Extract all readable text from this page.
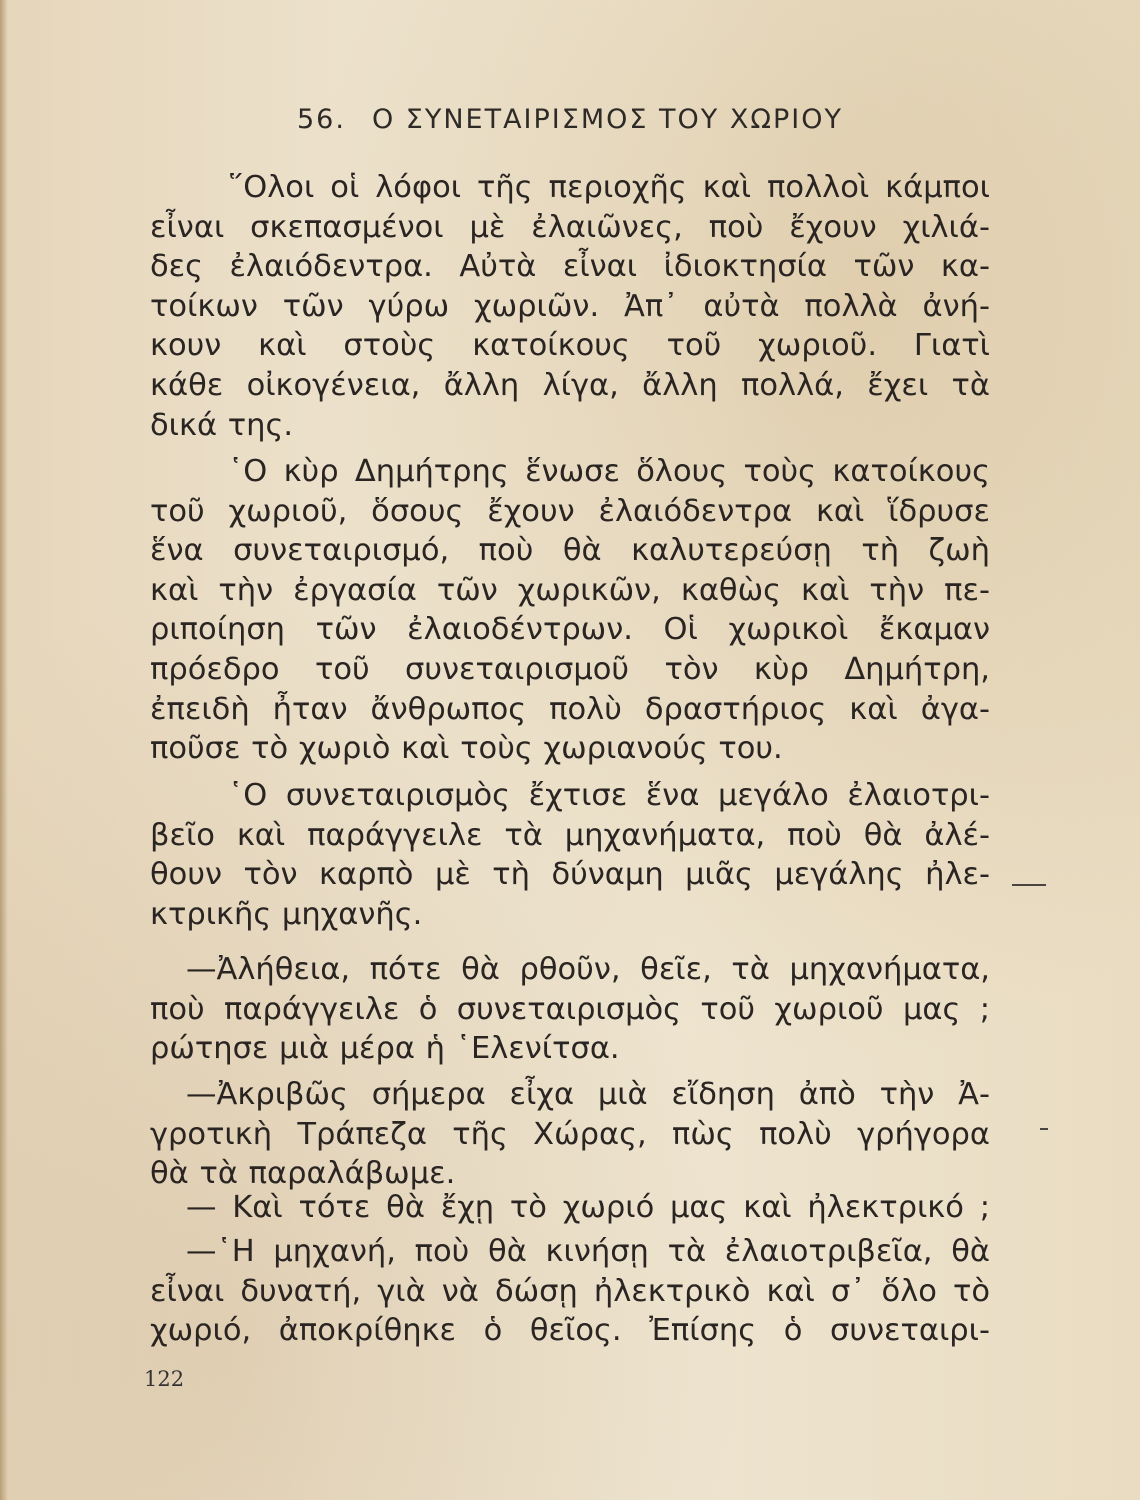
56. Ο ΣΥΝΕΤΑΙΡΙΣΜΟΣ ΤΟΥ ΧΩΡΙΟΥ
῞Ολοι οἱ λόφοι τῆς περιοχῆς καὶ πολλοὶ κάμποι
εἶναι σκεπασμένοι μὲ ἐλαιῶνες, ποὺ ἔχουν χιλιά-
δες ἐλαιόδεντρα. Αὐτὰ εἶναι ἰδιοκτησία τῶν κα-
τοίκων τῶν γύρω χωριῶν. Ἀπ᾽ αὐτὰ πολλὰ ἀνή-
κουν καὶ στοὺς κατοίκους τοῦ χωριοῦ. Γιατὶ
κάθε οἰκογένεια, ἄλλη λίγα, ἄλλη πολλά, ἔχει τὰ
δικά της.
῾Ο κὺρ Δημήτρης ἕνωσε ὅλους τοὺς κατοίκους
τοῦ χωριοῦ, ὅσους ἔχουν ἐλαιόδεντρα καὶ ἵδρυσε
ἕνα συνεταιρισμό, ποὺ θὰ καλυτερεύσῃ τὴ ζωὴ
καὶ τὴν ἐργασία τῶν χωρικῶν, καθὼς καὶ τὴν πε-
ριποίηση τῶν ἐλαιοδέντρων. Οἱ χωρικοὶ ἔκαμαν
πρόεδρο τοῦ συνεταιρισμοῦ τὸν κὺρ Δημήτρη,
ἐπειδὴ ἦταν ἄνθρωπος πολὺ δραστήριος καὶ ἀγα-
ποῦσε τὸ χωριὸ καὶ τοὺς χωριανούς του.
῾Ο συνεταιρισμὸς ἔχτισε ἕνα μεγάλο ἐλαιοτρι-
βεῖο καὶ παράγγειλε τὰ μηχανήματα, ποὺ θὰ ἀλέ-
θουν τὸν καρπὸ μὲ τὴ δύναμη μιᾶς μεγάλης ἠλε-
κτρικῆς μηχανῆς.
—Ἀλήθεια, πότε θὰ ρθοῦν, θεῖε, τὰ μηχανήματα,
ποὺ παράγγειλε ὁ συνεταιρισμὸς τοῦ χωριοῦ μας ;
ρώτησε μιὰ μέρα ἡ ῾Ελενίτσα.
—Ἀκριβῶς σήμερα εἶχα μιὰ εἴδηση ἀπὸ τὴν Ἀ-
γροτικὴ Τράπεζα τῆς Χώρας, πὼς πολὺ γρήγορα
θὰ τὰ παραλάβωμε.
— Καὶ τότε θὰ ἔχῃ τὸ χωριό μας καὶ ἠλεκτρικό ;
—῾Η μηχανή, ποὺ θὰ κινήσῃ τὰ ἐλαιοτριβεῖα, θὰ
εἶναι δυνατή, γιὰ νὰ δώσῃ ἠλεκτρικὸ καὶ σ᾽ ὅλο τὸ
χωριό, ἀποκρίθηκε ὁ θεῖος. Ἐπίσης ὁ συνεταιρι-
122
